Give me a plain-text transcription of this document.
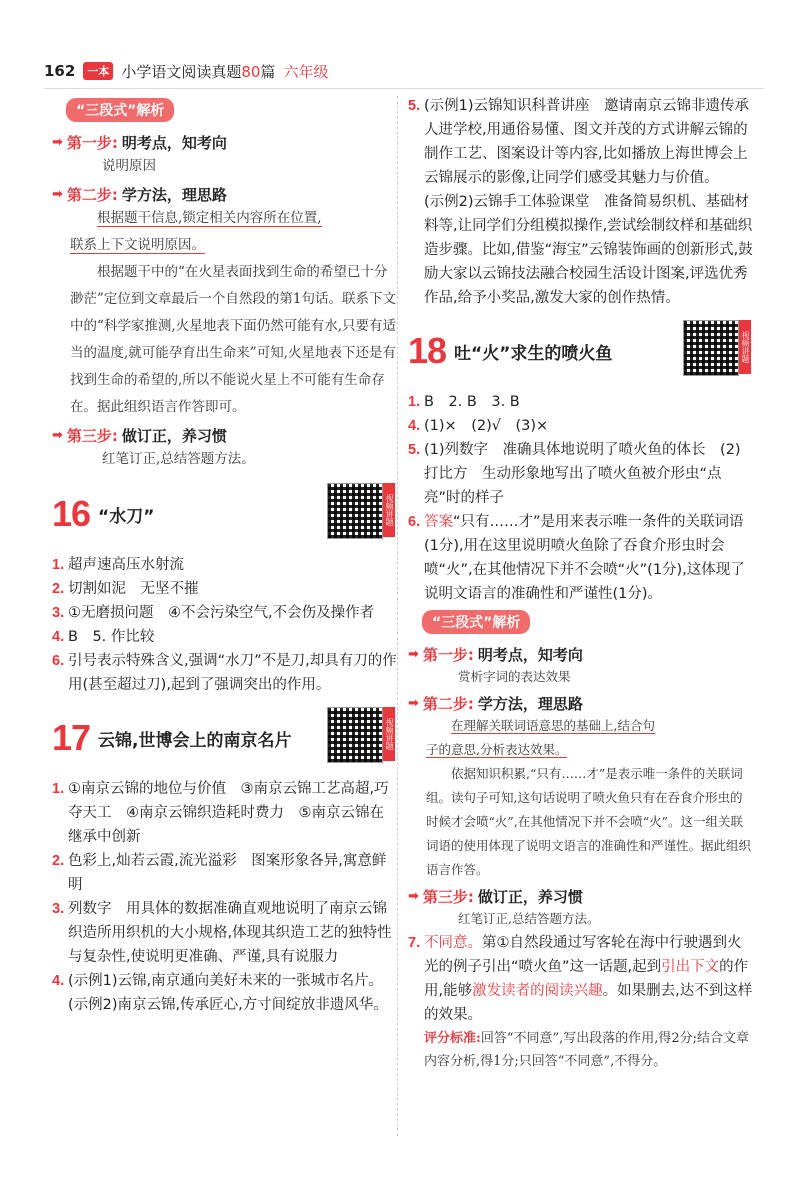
162	一本 小学语文阅读真题80篇 六年级
“三段式”解析
➡ 第一步: 明考点，知考向
说明原因
➡ 第二步: 学方法，理思路
根据题干信息,锁定相关内容所在位置,
联系上下文说明原因。
根据题干中的“在火星表面找到生命的希望已十分渺茫”定位到文章最后一个自然段的第1句话。联系下文中的“科学家推测,火星地表下面仍然可能有水,只要有适当的温度,就可能孕育出生命来”可知,火星地表下还是有找到生命的希望的,所以不能说火星上不可能有生命存在。据此组织语言作答即可。
➡ 第三步: 做订正，养习惯
红笔订正,总结答题方法。
16 “水刀”	视频讲题
1. 超声速高压水射流
2. 切割如泥　无坚不摧
3. ①无磨损问题　④不会污染空气,不会伤及操作者
4. B　5. 作比较
6. 引号表示特殊含义,强调“水刀”不是刀,却具有刀的作用(甚至超过刀),起到了强调突出的作用。
17 云锦,世博会上的南京名片	视频讲题
1. ①南京云锦的地位与价值　③南京云锦工艺高超,巧夺天工　④南京云锦织造耗时费力　⑤南京云锦在继承中创新
2. 色彩上,灿若云霞,流光溢彩　图案形象各异,寓意鲜明
3. 列数字　用具体的数据准确直观地说明了南京云锦织造所用织机的大小规格,体现其织造工艺的独特性与复杂性,使说明更准确、严谨,具有说服力
4. (示例1)云锦,南京通向美好未来的一张城市名片。
(示例2)南京云锦,传承匠心,方寸间绽放非遗风华。
5. (示例1)云锦知识科普讲座　邀请南京云锦非遗传承人进学校,用通俗易懂、图文并茂的方式讲解云锦的制作工艺、图案设计等内容,比如播放上海世博会上云锦展示的影像,让同学们感受其魅力与价值。
(示例2)云锦手工体验课堂　准备简易织机、基础材料等,让同学们分组模拟操作,尝试绘制纹样和基础织造步骤。比如,借鉴“海宝”云锦装饰画的创新形式,鼓励大家以云锦技法融合校园生活设计图案,评选优秀作品,给予小奖品,激发大家的创作热情。
18 吐“火”求生的喷火鱼	视频讲题
1. B　2. B　3. B
4. (1)×　(2)√　(3)×
5. (1)列数字　准确具体地说明了喷火鱼的体长　(2)打比方　生动形象地写出了喷火鱼被介形虫“点亮”时的样子
6. 答案“只有……才”是用来表示唯一条件的关联词语(1分),用在这里说明喷火鱼除了吞食介形虫时会喷“火”,在其他情况下并不会喷“火”(1分),这体现了说明文语言的准确性和严谨性(1分)。
“三段式”解析
➡ 第一步: 明考点，知考向
赏析字词的表达效果
➡ 第二步: 学方法，理思路
在理解关联词语意思的基础上,结合句
子的意思,分析表达效果。
依据知识积累,“只有……才”是表示唯一条件的关联词组。读句子可知,这句话说明了喷火鱼只有在吞食介形虫的时候才会喷“火”,在其他情况下并不会喷“火”。这一组关联词语的使用体现了说明文语言的准确性和严谨性。据此组织语言作答。
➡ 第三步: 做订正，养习惯
红笔订正,总结答题方法。
7. 不同意。第①自然段通过写客轮在海中行驶遇到火光的例子引出“喷火鱼”这一话题,起到引出下文的作用,能够激发读者的阅读兴趣。如果删去,达不到这样的效果。
评分标准:回答“不同意”,写出段落的作用,得2分;结合文章内容分析,得1分;只回答“不同意”,不得分。
